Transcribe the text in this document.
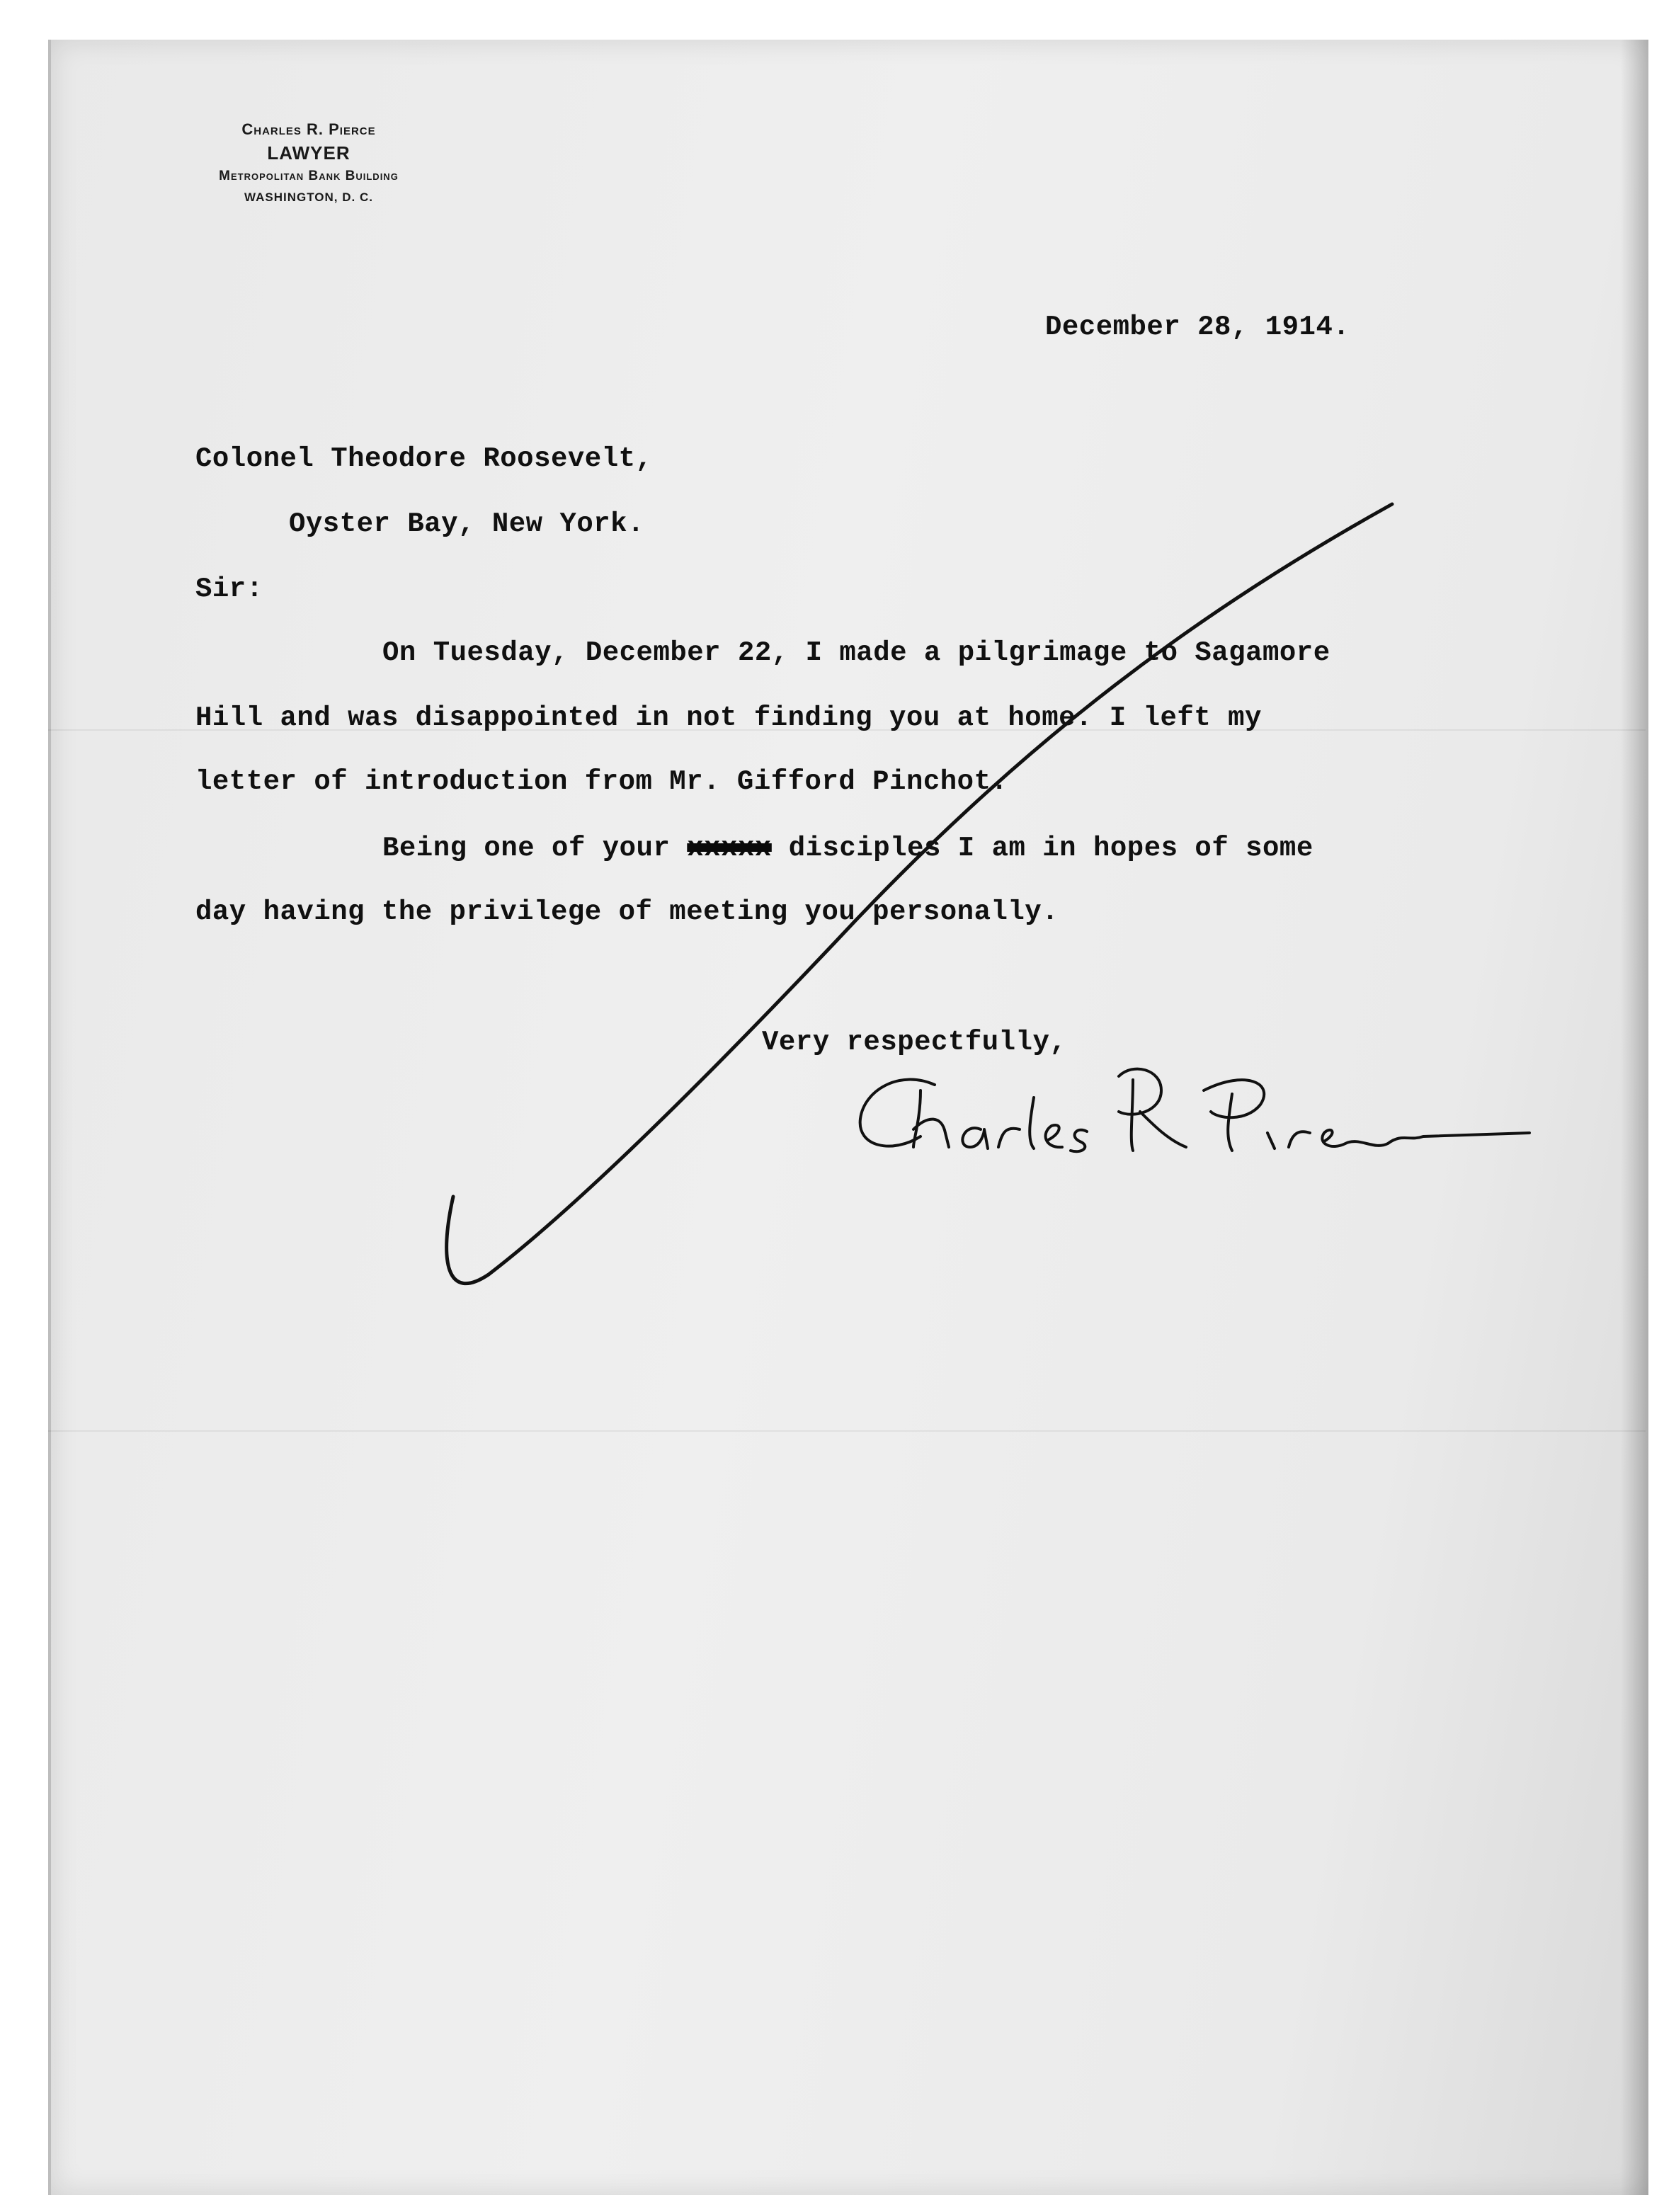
Charles R. Pierce
LAWYER
Metropolitan Bank Building
WASHINGTON, D. C.
December 28, 1914.
Colonel Theodore Roosevelt,
Oyster Bay, New York.
Sir:
On Tuesday, December 22, I made a pilgrimage to Sagamore
Hill and was disappointed in not finding you at home. I left my
letter of introduction from Mr. Gifford Pinchot.
Being one of your xxxxx disciples I am in hopes of some
day having the privilege of meeting you personally.
Very respectfully,
